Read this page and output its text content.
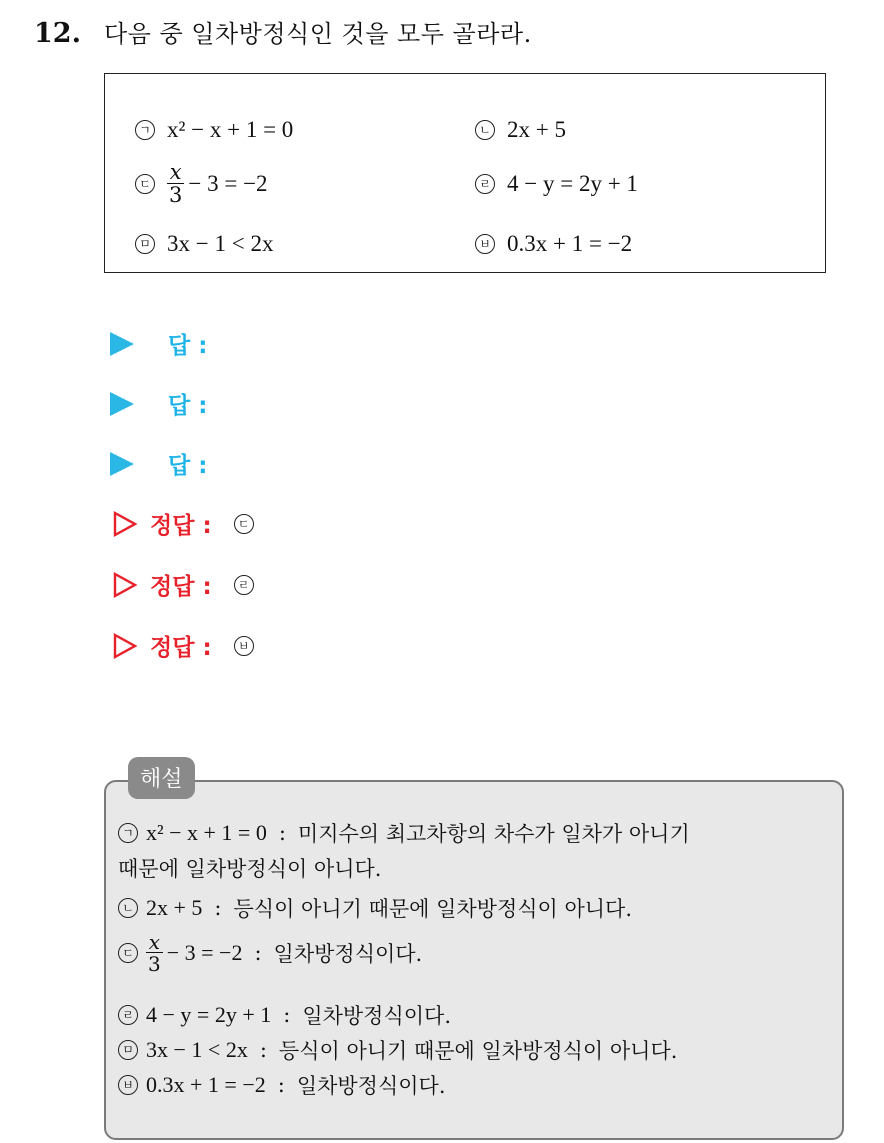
12. 다음 중 일차방정식인 것을 모두 골라라.
ㄱ x² − x + 1 = 0	ㄴ 2x + 5
ㄷ $\frac{x}{3} - 3 = -2$	ㄹ 4 − y = 2y + 1
ㅁ 3x − 1 < 2x	ㅂ 0.3x + 1 = −2
답 :
답 :
답 :
정답 :	ㄷ
정답 :	ㄹ
정답 :	ㅂ
해설
ㄱ x² − x + 1 = 0 : 미지수의 최고차항의 차수가 일차가 아니기
때문에 일차방정식이 아니다.
ㄴ 2x + 5 : 등식이 아니기 때문에 일차방정식이 아니다.
ㄷ $\frac{x}{3} - 3 = -2$ : 일차방정식이다.
ㄹ 4 − y = 2y + 1 : 일차방정식이다.
ㅁ 3x − 1 < 2x : 등식이 아니기 때문에 일차방정식이 아니다.
ㅂ 0.3x + 1 = −2 : 일차방정식이다.
